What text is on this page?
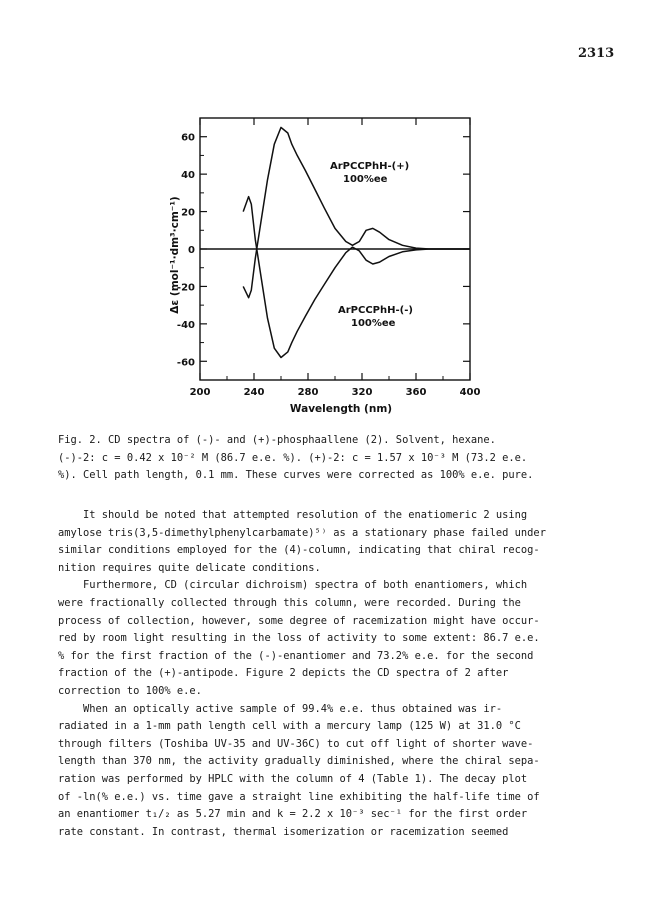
2313
200	240	280	320	360	400
60
40
20
0
-20
-40
-60
ArPCCPhH-(+)
100%ee
ArPCCPhH-(-)
100%ee
Wavelength (nm)
Δε (mol⁻¹·dm³·cm⁻¹)
Fig. 2. CD spectra of (-)- and (+)-phosphaallene (2). Solvent, hexane.
(-)-2: c = 0.42 x 10⁻² M (86.7 e.e. %). (+)-2: c = 1.57 x 10⁻³ M (73.2 e.e.
%). Cell path length, 0.1 mm. These curves were corrected as 100% e.e. pure.
It should be noted that attempted resolution of the enatiomeric 2 using
amylose tris(3,5-dimethylphenylcarbamate)⁵⁾ as a stationary phase failed under
similar conditions employed for the (4)-column, indicating that chiral recog-
nition requires quite delicate conditions.
Furthermore, CD (circular dichroism) spectra of both enantiomers, which
were fractionally collected through this column, were recorded. During the
process of collection, however, some degree of racemization might have occur-
red by room light resulting in the loss of activity to some extent: 86.7 e.e.
% for the first fraction of the (-)-enantiomer and 73.2% e.e. for the second
fraction of the (+)-antipode. Figure 2 depicts the CD spectra of 2 after
correction to 100% e.e.
When an optically active sample of 99.4% e.e. thus obtained was ir-
radiated in a 1-mm path length cell with a mercury lamp (125 W) at 31.0 °C
through filters (Toshiba UV-35 and UV-36C) to cut off light of shorter wave-
length than 370 nm, the activity gradually diminished, where the chiral sepa-
ration was performed by HPLC with the column of 4 (Table 1). The decay plot
of -ln(% e.e.) vs. time gave a straight line exhibiting the half-life time of
an enantiomer t₁/₂ as 5.27 min and k = 2.2 x 10⁻³ sec⁻¹ for the first order
rate constant. In contrast, thermal isomerization or racemization seemed
